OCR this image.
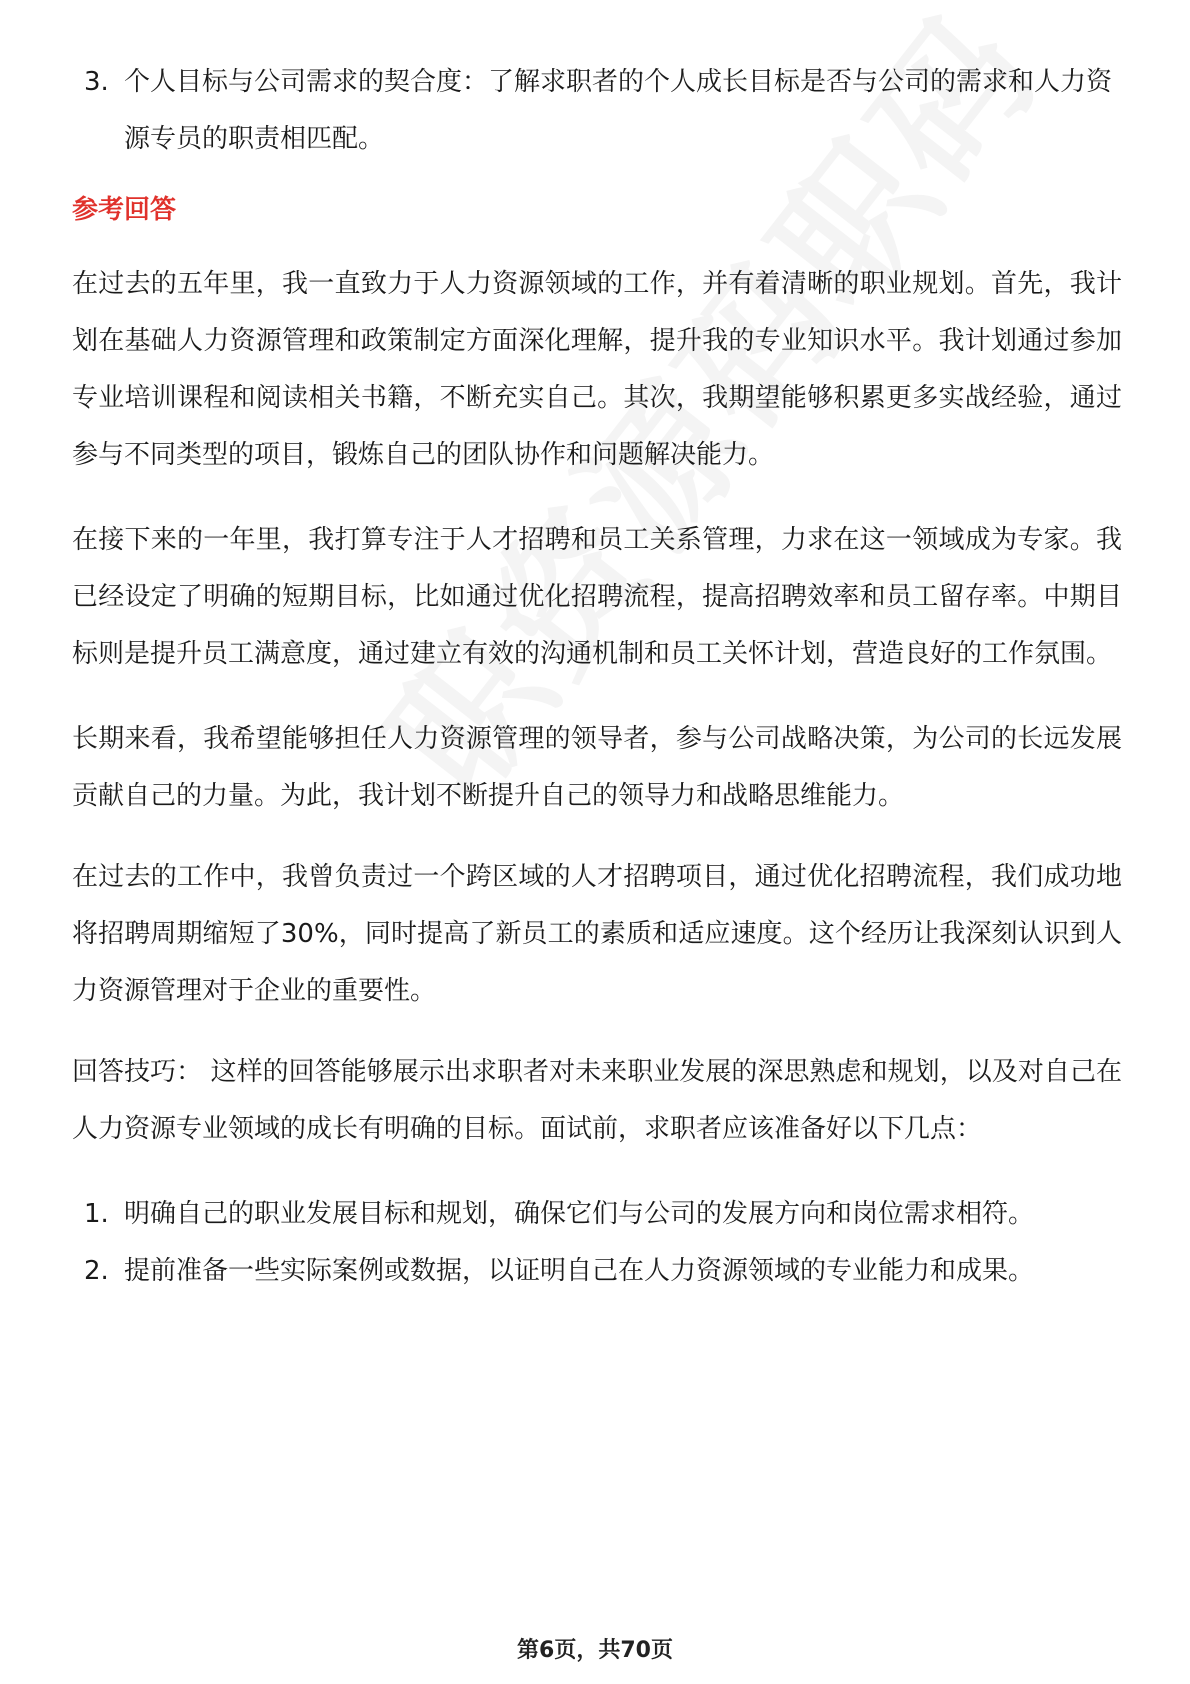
3. 个人目标与公司需求的契合度：了解求职者的个人成长目标是否与公司的需求和人力资源专员的职责相匹配。
参考回答

在过去的五年里，我一直致力于人力资源领域的工作，并有着清晰的职业规划。首先，我计划在基础人力资源管理和政策制定方面深化理解，提升我的专业知识水平。我计划通过参加专业培训课程和阅读相关书籍，不断充实自己。其次，我期望能够积累更多实战经验，通过参与不同类型的项目，锻炼自己的团队协作和问题解决能力。

在接下来的一年里，我打算专注于人才招聘和员工关系管理，力求在这一领域成为专家。我已经设定了明确的短期目标，比如通过优化招聘流程，提高招聘效率和员工留存率。中期目标则是提升员工满意度，通过建立有效的沟通机制和员工关怀计划，营造良好的工作氛围。

长期来看，我希望能够担任人力资源管理的领导者，参与公司战略决策，为公司的长远发展贡献自己的力量。为此，我计划不断提升自己的领导力和战略思维能力。

在过去的工作中，我曾负责过一个跨区域的人才招聘项目，通过优化招聘流程，我们成功地将招聘周期缩短了30%，同时提高了新员工的素质和适应速度。这个经历让我深刻认识到人力资源管理对于企业的重要性。

回答技巧： 这样的回答能够展示出求职者对未来职业发展的深思熟虑和规划，以及对自己在人力资源专业领域的成长有明确的目标。面试前，求职者应该准备好以下几点：

1. 明确自己的职业发展目标和规划，确保它们与公司的发展方向和岗位需求相符。
2. 提前准备一些实际案例或数据，以证明自己在人力资源领域的专业能力和成果。
第6页，共70页
